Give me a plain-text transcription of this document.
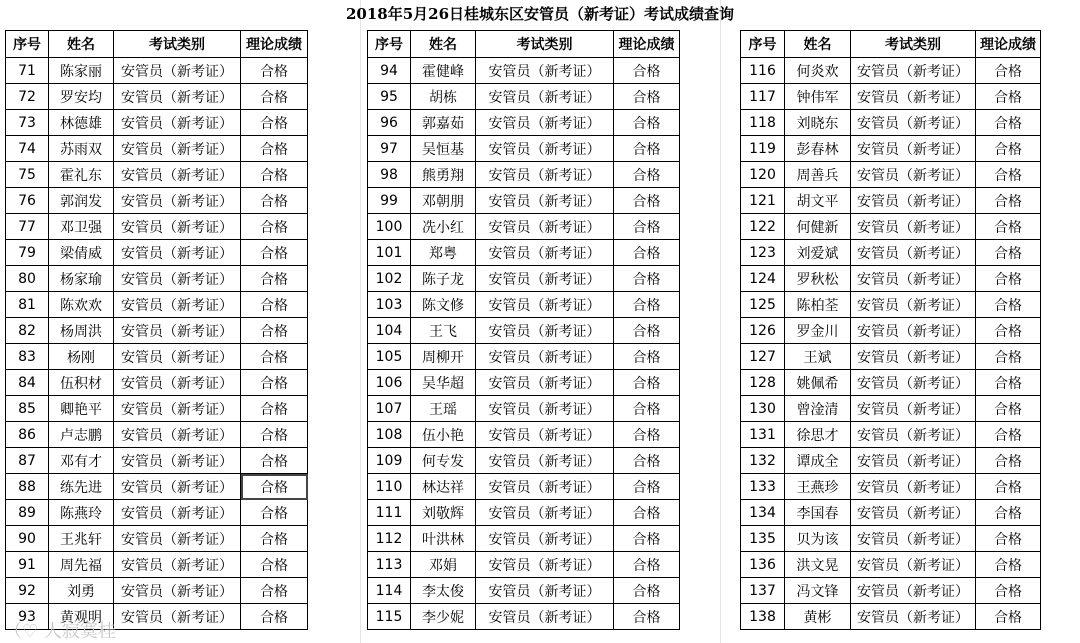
2018年5月26日桂城东区安管员（新考证）考试成绩查询
序号	姓名	考试类别	理论成绩
71	陈家丽	安管员（新考证）	合格
72	罗安均	安管员（新考证）	合格
73	林德雄	安管员（新考证）	合格
74	苏雨双	安管员（新考证）	合格
75	霍礼东	安管员（新考证）	合格
76	郭润发	安管员（新考证）	合格
77	邓卫强	安管员（新考证）	合格
79	梁倩威	安管员（新考证）	合格
80	杨家瑜	安管员（新考证）	合格
81	陈欢欢	安管员（新考证）	合格
82	杨周洪	安管员（新考证）	合格
83	杨刚	安管员（新考证）	合格
84	伍积材	安管员（新考证）	合格
85	卿艳平	安管员（新考证）	合格
86	卢志鹏	安管员（新考证）	合格
87	邓有才	安管员（新考证）	合格
88	练先进	安管员（新考证）	合格
89	陈燕玲	安管员（新考证）	合格
90	王兆轩	安管员（新考证）	合格
91	周先福	安管员（新考证）	合格
92	刘勇	安管员（新考证）	合格
93	黄观明	安管员（新考证）	合格
序号	姓名	考试类别	理论成绩
94	霍健峰	安管员（新考证）	合格
95	胡栋	安管员（新考证）	合格
96	郭嘉茹	安管员（新考证）	合格
97	吴恒基	安管员（新考证）	合格
98	熊勇翔	安管员（新考证）	合格
99	邓朝朋	安管员（新考证）	合格
100	冼小红	安管员（新考证）	合格
101	郑粤	安管员（新考证）	合格
102	陈子龙	安管员（新考证）	合格
103	陈文修	安管员（新考证）	合格
104	王飞	安管员（新考证）	合格
105	周柳开	安管员（新考证）	合格
106	吴华超	安管员（新考证）	合格
107	王瑶	安管员（新考证）	合格
108	伍小艳	安管员（新考证）	合格
109	何专发	安管员（新考证）	合格
110	林达祥	安管员（新考证）	合格
111	刘敬辉	安管员（新考证）	合格
112	叶洪林	安管员（新考证）	合格
113	邓娟	安管员（新考证）	合格
114	李太俊	安管员（新考证）	合格
115	李少妮	安管员（新考证）	合格
序号	姓名	考试类别	理论成绩
116	何炎欢	安管员（新考证）	合格
117	钟伟军	安管员（新考证）	合格
118	刘晓东	安管员（新考证）	合格
119	彭春林	安管员（新考证）	合格
120	周善兵	安管员（新考证）	合格
121	胡文平	安管员（新考证）	合格
122	何健新	安管员（新考证）	合格
123	刘爱斌	安管员（新考证）	合格
124	罗秋松	安管员（新考证）	合格
125	陈柏荃	安管员（新考证）	合格
126	罗金川	安管员（新考证）	合格
127	王斌	安管员（新考证）	合格
128	姚佩希	安管员（新考证）	合格
130	曾淦清	安管员（新考证）	合格
131	徐思才	安管员（新考证）	合格
132	谭成全	安管员（新考证）	合格
133	王燕珍	安管员（新考证）	合格
134	李国春	安管员（新考证）	合格
135	贝为该	安管员（新考证）	合格
136	洪文晃	安管员（新考证）	合格
137	冯文锋	安管员（新考证）	合格
138	黄彬	安管员（新考证）	合格
（♡ 人寂寞桂
